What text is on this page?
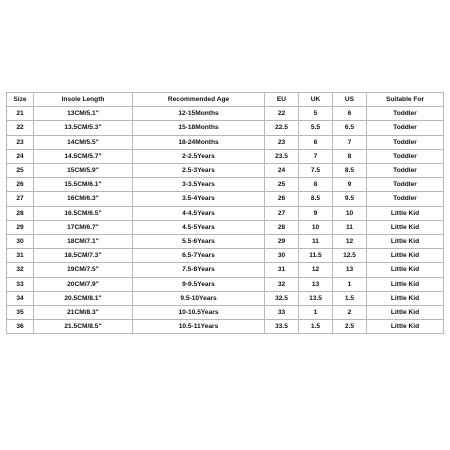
Size	Insole Length	Recommended Age	EU	UK	US	Suitable For
21	13CM/5.1"	12-15Months	22	5	6	Toddler
22	13.5CM/5.3"	15-18Months	22.5	5.5	6.5	Toddler
23	14CM/5.5"	18-24Months	23	6	7	Toddler
24	14.5CM/5.7"	2-2.5Years	23.5	7	8	Toddler
25	15CM/5.9"	2.5-3Years	24	7.5	8.5	Toddler
26	15.5CM/6.1"	3-3.5Years	25	8	9	Toddler
27	16CM/6.3"	3.5-4Years	26	8.5	9.5	Toddler
28	16.5CM/6.5"	4-4.5Years	27	9	10	Little Kid
29	17CM/6.7"	4.5-5Years	28	10	11	Little Kid
30	18CM/7.1"	5.5-6Years	29	11	12	Little Kid
31	18.5CM/7.3"	6.5-7Years	30	11.5	12.5	Little Kid
32	19CM/7.5"	7.5-8Years	31	12	13	Little Kid
33	20CM/7.9"	9-9.5Years	32	13	1	Little Kid
34	20.5CM/8.1"	9.5-10Years	32.5	13.5	1.5	Little Kid
35	21CM/8.3"	10-10.5Years	33	1	2	Little Kid
36	21.5CM/8.5"	10.5-11Years	33.5	1.5	2.5	Little Kid
